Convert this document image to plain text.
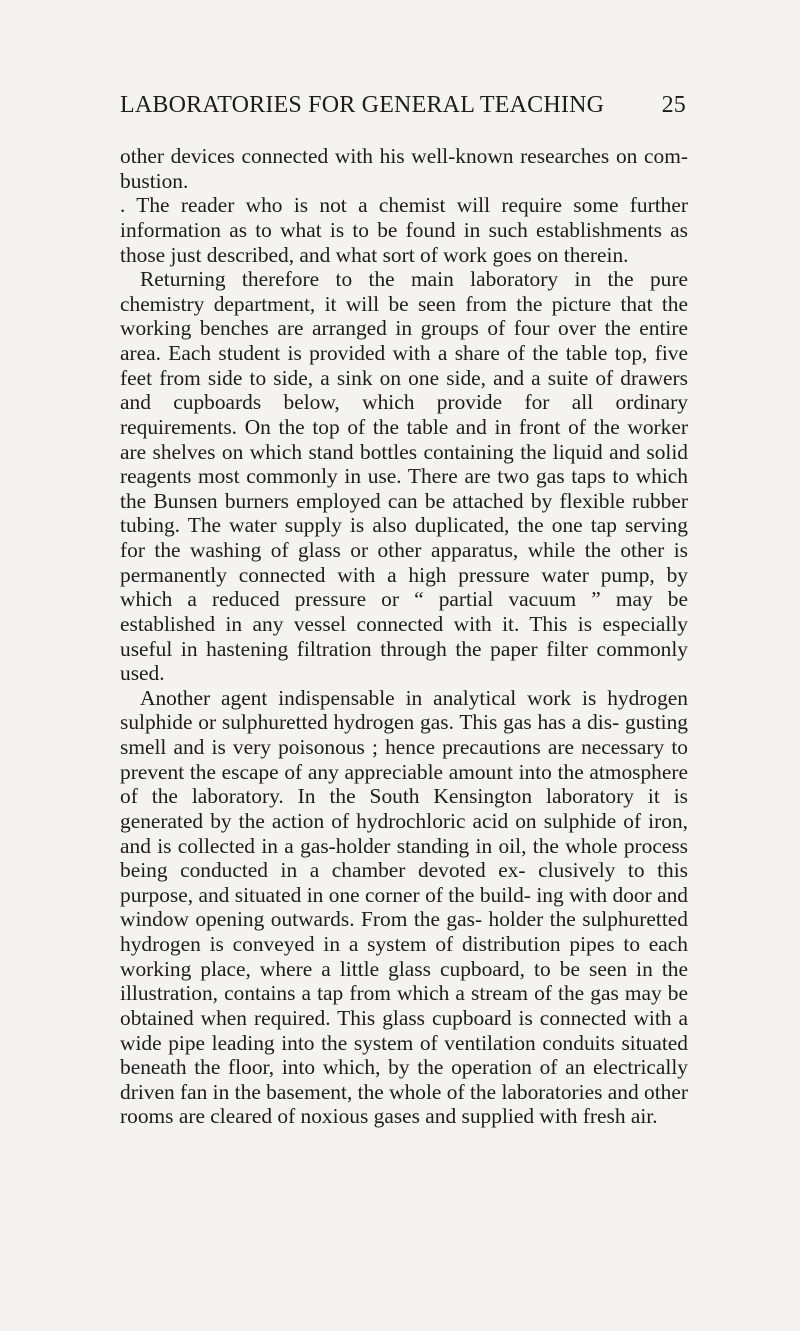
LABORATORIES FOR GENERAL TEACHING 25

other devices connected with his well-known researches on com- bustion.

. The reader who is not a chemist will require some further information as to what is to be found in such establishments as those just described, and what sort of work goes on therein.

Returning therefore to the main laboratory in the pure chemistry department, it will be seen from the picture that the working benches are arranged in groups of four over the entire area. Each student is provided with a share of the table top, five feet from side to side, a sink on one side, and a suite of drawers and cupboards below, which provide for all ordinary requirements. On the top of the table and in front of the worker are shelves on which stand bottles containing the liquid and solid reagents most commonly in use. There are two gas taps to which the Bunsen burners employed can be attached by flexible rubber tubing. The water supply is also duplicated, the one tap serving for the washing of glass or other apparatus, while the other is permanently connected with a high pressure water pump, by which a reduced pressure or “ partial vacuum ” may be established in any vessel connected with it. This is especially useful in hastening filtration through the paper filter commonly used.

Another agent indispensable in analytical work is hydrogen sulphide or sulphuretted hydrogen gas. This gas has a dis- gusting smell and is very poisonous ; hence precautions are necessary to prevent the escape of any appreciable amount into the atmosphere of the laboratory. In the South Kensington laboratory it is generated by the action of hydrochloric acid on sulphide of iron, and is collected in a gas-holder standing in oil, the whole process being conducted in a chamber devoted ex- clusively to this purpose, and situated in one corner of the build- ing with door and window opening outwards. From the gas- holder the sulphuretted hydrogen is conveyed in a system of distribution pipes to each working place, where a little glass cupboard, to be seen in the illustration, contains a tap from which a stream of the gas may be obtained when required. This glass cupboard is connected with a wide pipe leading into the system of ventilation conduits situated beneath the floor, into which, by the operation of an electrically driven fan in the basement, the whole of the laboratories and other rooms are cleared of noxious gases and supplied with fresh air.
